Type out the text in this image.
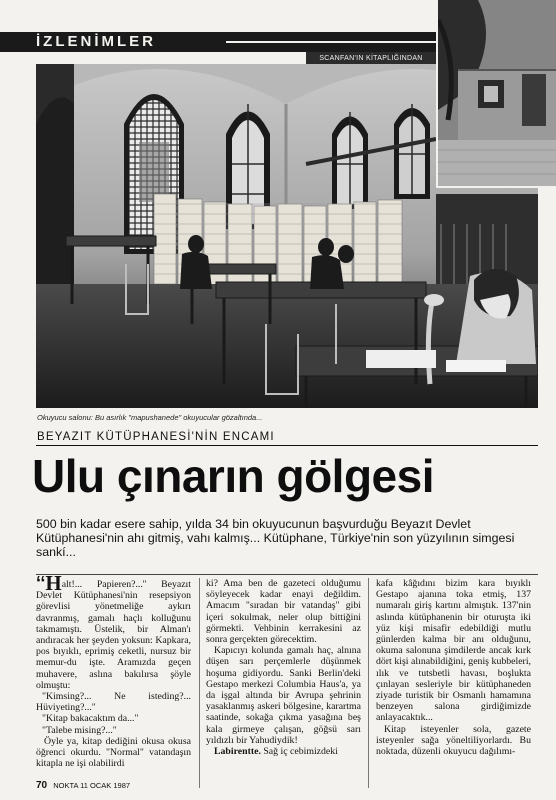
İZLENİMLER
SCANFAN'IN KİTAPLIĞINDAN
Okuyucu salonu: Bu asırlık "mapushanede" okuyucular gözaltında...
BEYAZIT KÜTÜPHANESİ'NİN ENCAMI
Ulu çınarın gölgesi
500 bin kadar esere sahip, yılda 34 bin okuyucunun başvurduğu Beyazıt Devlet Kütüphanesi'nin ahı gitmiş, vahı kalmış... Kütüphane, Türkiye'nin son yüzyılının simgesi sankí...

‘‘Halt!... Papieren?...'' Beyazıt Devlet Kütüphanesi'nin resepsiyon görevlisi yönetmeliğe aykırı davranmış, gamalı haçlı kolluğunu takmamıştı. Üstelik, bir Alman'ı andıracak her şeyden yoksun: Kapkara, pos bıyıklı, eprimiş ceketli, nursuz bir memur-du işte. Aramızda geçen muhavere, aslına bakılırsa şöyle olmuştu:

"Kimsing?... Ne isteding?... Hüviyeting?..."

"Kitap bakacaktım da..."

"Talebe mising?..."

Öyle ya, kitap dediğini okusa okusa öğrenci okurdu. "Normal" vatandaşın kitapla ne işi olabilirdi

ki? Ama ben de gazeteci olduğumu söyleyecek kadar enayi değildim. Amacım "sıradan bir vatandaş" gibi içeri sokulmak, neler olup bittiğini görmekti. Vehbinin kerrakesini az sonra gerçekten görecektim.

Kapıcıyı kolunda gamalı haç, alnına düşen sarı perçemlerle düşünmek hoşuma gidiyordu. Sanki Berlin'deki Gestapo merkezi Columbia Haus'a, ya da işgal altında bir Avrupa şehrinin yasaklanmış askeri bölgesine, karartma saatinde, sokağa çıkma yasağına beş kala girmeye çalışan, göğsü sarı yıldızlı bir Yahudiydik!

Labirentte. Sağ iç cebimizdeki

kafa kâğıdını bizim kara bıyıklı Gestapo ajanına toka etmiş, 137 numaralı giriş kartını almıştık. 137'nin aslında kütüphanenin bir oturuşta iki yüz kişi misafir edebildiği mutlu günlerden kalma bir anı olduğunu, okuma salonuna şimdilerde ancak kırk dört kişi alınabildiğini, geniş kubbeleri, ılık ve tutsbetli havası, boşlukta çınlayan sesleriyle bir kütüphaneden ziyade turistik bir Osmanlı hamamına benzeyen salona girdiğimizde anlayacaktık...

Kitap isteyenler sola, gazete isteyenler sağa yöneltiliyorlardı. Bu noktada, düzenli okuyucu dağılımı-

70 NOKTA 11 OCAK 1987
